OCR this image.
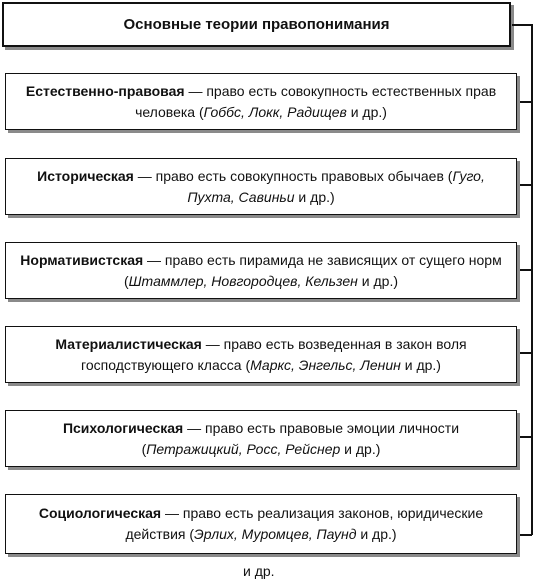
Основные теории правопонимания
Естественно-правовая — право есть совокупность естественных прав человека (Гоббс, Локк, Радищев и др.)
Историческая — право есть совокупность правовых обычаев (Гуго, Пухта, Савиньи и др.)
Нормативистская — право есть пирамида не зависящих от сущего норм (Штаммлер, Новгородцев, Кельзен и др.)
Материалистическая — право есть возведенная в закон воля господствующего класса (Маркс, Энгельс, Ленин и др.)
Психологическая — право есть правовые эмоции личности (Петражицкий, Росс, Рейснер и др.)
Социологическая — право есть реализация законов, юридические действия (Эрлих, Муромцев, Паунд и др.)
и др.
